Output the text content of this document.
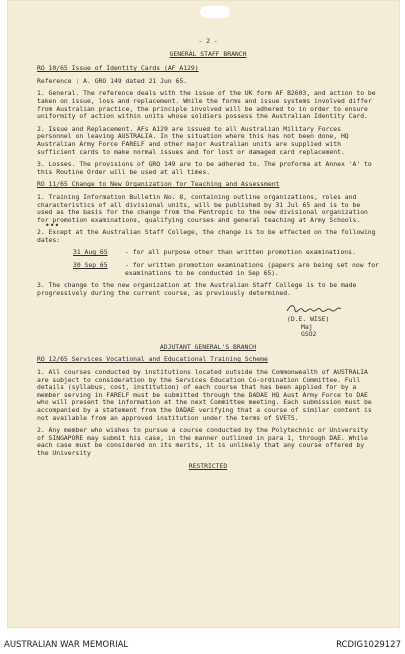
•••

- 2 -

GENERAL STAFF BRANCH

RO 10/65 Issue of Identity Cards (AF A129)

Reference : A. GRO 149 dated 21 Jun 65.

1. General. The reference deals with the issue of the UK form AF B2603, and action to be taken on issue, loss and replacement. While the forms and issue systems involved differ from Australian practice, the principle involved will be adhered to in order to ensure uniformity of action within units whose soldiers possess the Australian Identity Card.

2. Issue and Replacement. AFs A129 are issued to all Australian Military Forces personnel on leaving AUSTRALIA. In the situation where this has not been done, HQ Australian Army Force FARELF and other major Australian units are supplied with sufficient cards to make normal issues and for lost or damaged card replacement.

3. Losses. The provisions of GRO 149 are to be adhered to. The proforma at Annex 'A' to this Routine Order will be used at all times.

RO 11/65 Change to New Organization for Teaching and Assessment

1. Training Information Bulletin No. 8, containing outline organizations, roles and characteristics of all divisional units, will be published by 31 Jul 65 and is to be used as the basis for the change from the Pentropic to the new divisional organization for promotion examinations, qualifying courses and general teaching at Army Schools.

2. Except at the Australian Staff College, the change is to be effected on the following dates:

31 Aug 65	- for all purpose other than written promotion examinations.
30 Sep 65	- for written promotion examinations (papers are being set now for examinations to be conducted in Sep 65).

3. The change to the new organization at the Australian Staff College is to be made progressively during the current course, as previously determined.

(D.E. WISE)

Maj

GSO2

ADJUTANT GENERAL'S BRANCH

RO 12/65 Services Vocational and Educational Training Scheme

1. All courses conducted by institutions located outside the Commonwealth of AUSTRALIA are subject to consideration by the Services Education Co-ordination Committee. Full details (syllabus, cost, institution) of each course that has been applied for by a member serving in FARELF must be submitted through the DADAE HQ Aust Army Force to DAE who will present the information at the next Committee meeting. Each submission must be accompanied by a statement from the DADAE verifying that a course of similar content is not available from an approved institution under the terms of SVETS.

2. Any member who wishes to pursue a course conducted by the Polytechnic or University of SINGAPORE may submit his case, in the manner outlined in para 1, through DAE. While each case must be considered on its merits, it is unlikely that any course offered by the University

RESTRICTED

AUSTRALIAN WAR MEMORIAL	RCDIG1029127
